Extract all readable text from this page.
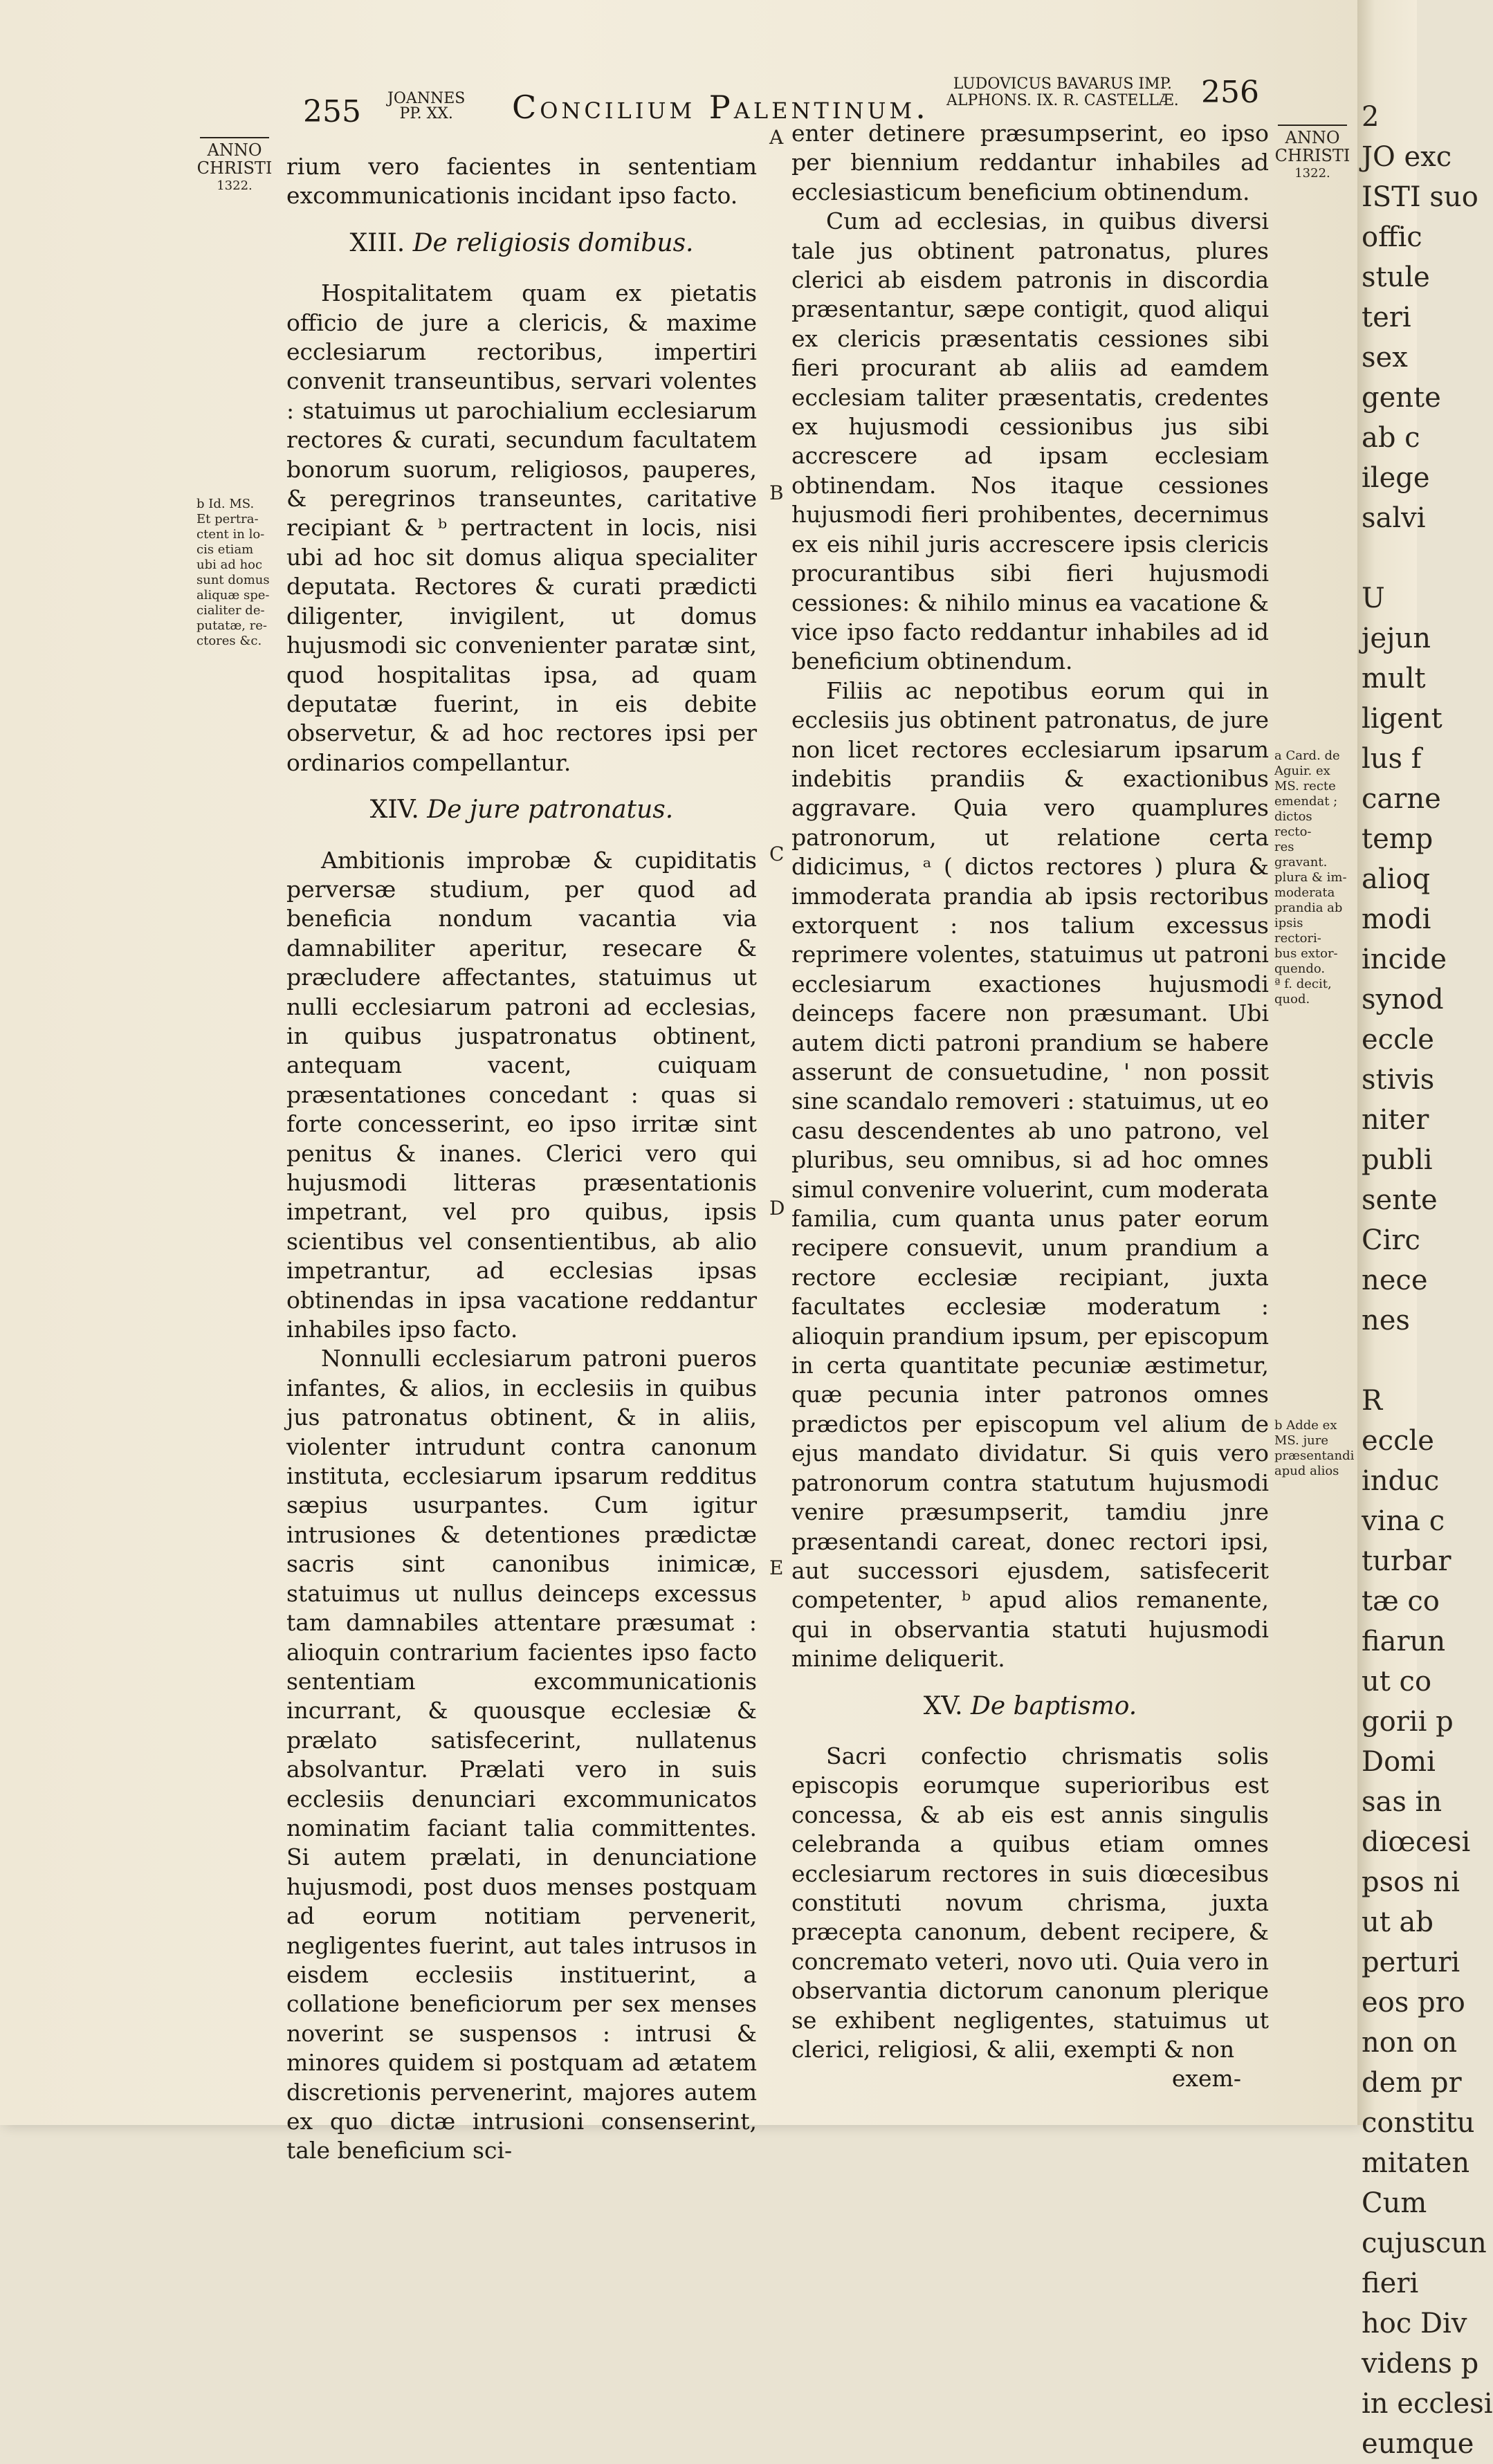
255 JOANNES
PP. XX.	Concilium Palentinum.
LUDOVICUS BAVARUS IMP.
ALPHONS. IX. R. CASTELLÆ. 256
ANNO
CHRISTI
1322.
ANNO
CHRISTI
1322.
b Id. MS.
Et pertra-
ctent in lo-
cis etiam
ubi ad hoc
sunt domus
aliquæ spe-
cialiter de-
putatæ, re-
ctores &c.
a Card. de
Aguir. ex
MS. recte
emendat ;
dictos recto-
res gravant.
plura & im-
moderata
prandia ab
ipsis rectori-
bus extor-
quendo.
ª f. decit,
quod.
b Adde ex
MS. jure
præsentandi
apud alios
A
B
C
D
E

rium vero facientes in sententiam excommunicationis incidant ipso facto.

XIII. De religiosis domibus.

Hospitalitatem quam ex pietatis officio de jure a clericis, & maxime ecclesiarum rectoribus, impertiri convenit transeuntibus, servari volentes : statuimus ut parochialium ecclesiarum rectores & curati, secundum facultatem bonorum suorum, religiosos, pauperes, & peregrinos transeuntes, caritative recipiant & ᵇ pertractent in locis, nisi ubi ad hoc sit domus aliqua specialiter deputata. Rectores & curati prædicti diligenter, invigilent, ut domus hujusmodi sic convenienter paratæ sint, quod hospitalitas ipsa, ad quam deputatæ fuerint, in eis debite observetur, & ad hoc rectores ipsi per ordinarios compellantur.

XIV. De jure patronatus.

Ambitionis improbæ & cupiditatis perversæ studium, per quod ad beneficia nondum vacantia via damnabiliter aperitur, resecare & præcludere affectantes, statuimus ut nulli ecclesiarum patroni ad ecclesias, in quibus juspatronatus obtinent, antequam vacent, cuiquam præsentationes concedant : quas si forte concesserint, eo ipso irritæ sint penitus & inanes. Clerici vero qui hujusmodi litteras præsentationis impetrant, vel pro quibus, ipsis scientibus vel consentientibus, ab alio impetrantur, ad ecclesias ipsas obtinendas in ipsa vacatione reddantur inhabiles ipso facto.

Nonnulli ecclesiarum patroni pueros infantes, & alios, in ecclesiis in quibus jus patronatus obtinent, & in aliis, violenter intrudunt contra canonum instituta, ecclesiarum ipsarum redditus sæpius usurpantes. Cum igitur intrusiones & detentiones prædictæ sacris sint canonibus inimicæ, statuimus ut nullus deinceps excessus tam damnabiles attentare præsumat : alioquin contrarium facientes ipso facto sententiam excommunicationis incurrant, & quousque ecclesiæ & prælato satisfecerint, nullatenus absolvantur. Prælati vero in suis ecclesiis denunciari excommunicatos nominatim faciant talia committentes. Si autem prælati, in denunciatione hujusmodi, post duos menses postquam ad eorum notitiam pervenerit, negligentes fuerint, aut tales intrusos in eisdem ecclesiis instituerint, a collatione beneficiorum per sex menses noverint se suspensos : intrusi & minores quidem si postquam ad ætatem discretionis pervenerint, majores autem ex quo dictæ intrusioni consenserint, tale beneficium sci-

enter detinere præsumpserint, eo ipso per biennium reddantur inhabiles ad ecclesiasticum beneficium obtinendum.

Cum ad ecclesias, in quibus diversi tale jus obtinent patronatus, plures clerici ab eisdem patronis in discordia præsentantur, sæpe contigit, quod aliqui ex clericis præsentatis cessiones sibi fieri procurant ab aliis ad eamdem ecclesiam taliter præsentatis, credentes ex hujusmodi cessionibus jus sibi accrescere ad ipsam ecclesiam obtinendam. Nos itaque cessiones hujusmodi fieri prohibentes, decernimus ex eis nihil juris accrescere ipsis clericis procurantibus sibi fieri hujusmodi cessiones: & nihilo minus ea vacatione & vice ipso facto reddantur inhabiles ad id beneficium obtinendum.

Filiis ac nepotibus eorum qui in ecclesiis jus obtinent patronatus, de jure non licet rectores ecclesiarum ipsarum indebitis prandiis & exactionibus aggravare. Quia vero quamplures patronorum, ut relatione certa didicimus, ᵃ ( dictos rectores ) plura & immoderata prandia ab ipsis rectoribus extorquent : nos talium excessus reprimere volentes, statuimus ut patroni ecclesiarum exactiones hujusmodi deinceps facere non præsumant. Ubi autem dicti patroni prandium se habere asserunt de consuetudine, ' non possit sine scandalo removeri : statuimus, ut eo casu descendentes ab uno patrono, vel pluribus, seu omnibus, si ad hoc omnes simul convenire voluerint, cum moderata familia, cum quanta unus pater eorum recipere consuevit, unum prandium a rectore ecclesiæ recipiant, juxta facultates ecclesiæ moderatum : alioquin prandium ipsum, per episcopum in certa quantitate pecuniæ æstimetur, quæ pecunia inter patronos omnes prædictos per episcopum vel alium de ejus mandato dividatur. Si quis vero patronorum contra statutum hujusmodi venire præsumpserit, tamdiu jnre præsentandi careat, donec rectori ipsi, aut successori ejusdem, satisfecerit competenter, ᵇ apud alios remanente, qui in observantia statuti hujusmodi minime deliquerit.

XV. De baptismo.

Sacri confectio chrismatis solis episcopis eorumque superioribus est concessa, & ab eis est annis singulis celebranda a quibus etiam omnes ecclesiarum rectores in suis diœcesibus constituti novum chrisma, juxta præcepta canonum, debent recipere, & concremato veteri, novo uti. Quia vero in observantia dictorum canonum plerique se exhibent negligentes, statuimus ut clerici, religiosi, & alii, exempti & non

exem-
2
JO exc
ISTI suo
offic
stule
teri
sex
gente
ab c
ilege
salvi

U
jejun
mult
ligent
lus f
carne
temp
alioq
modi
incide
synod
eccle
stivis
niter
publi
sente
Circ
nece
nes

R
eccle
induc
vina c
turbar
tæ co
fiarun
ut co
gorii p
Domi
sas in
diœcesi
psos ni
ut ab
perturi
eos pro
non on
dem pr
constitu
mitaten
Cum
cujuscun
fieri
hoc Div
videns p
in ecclesi
eumque
